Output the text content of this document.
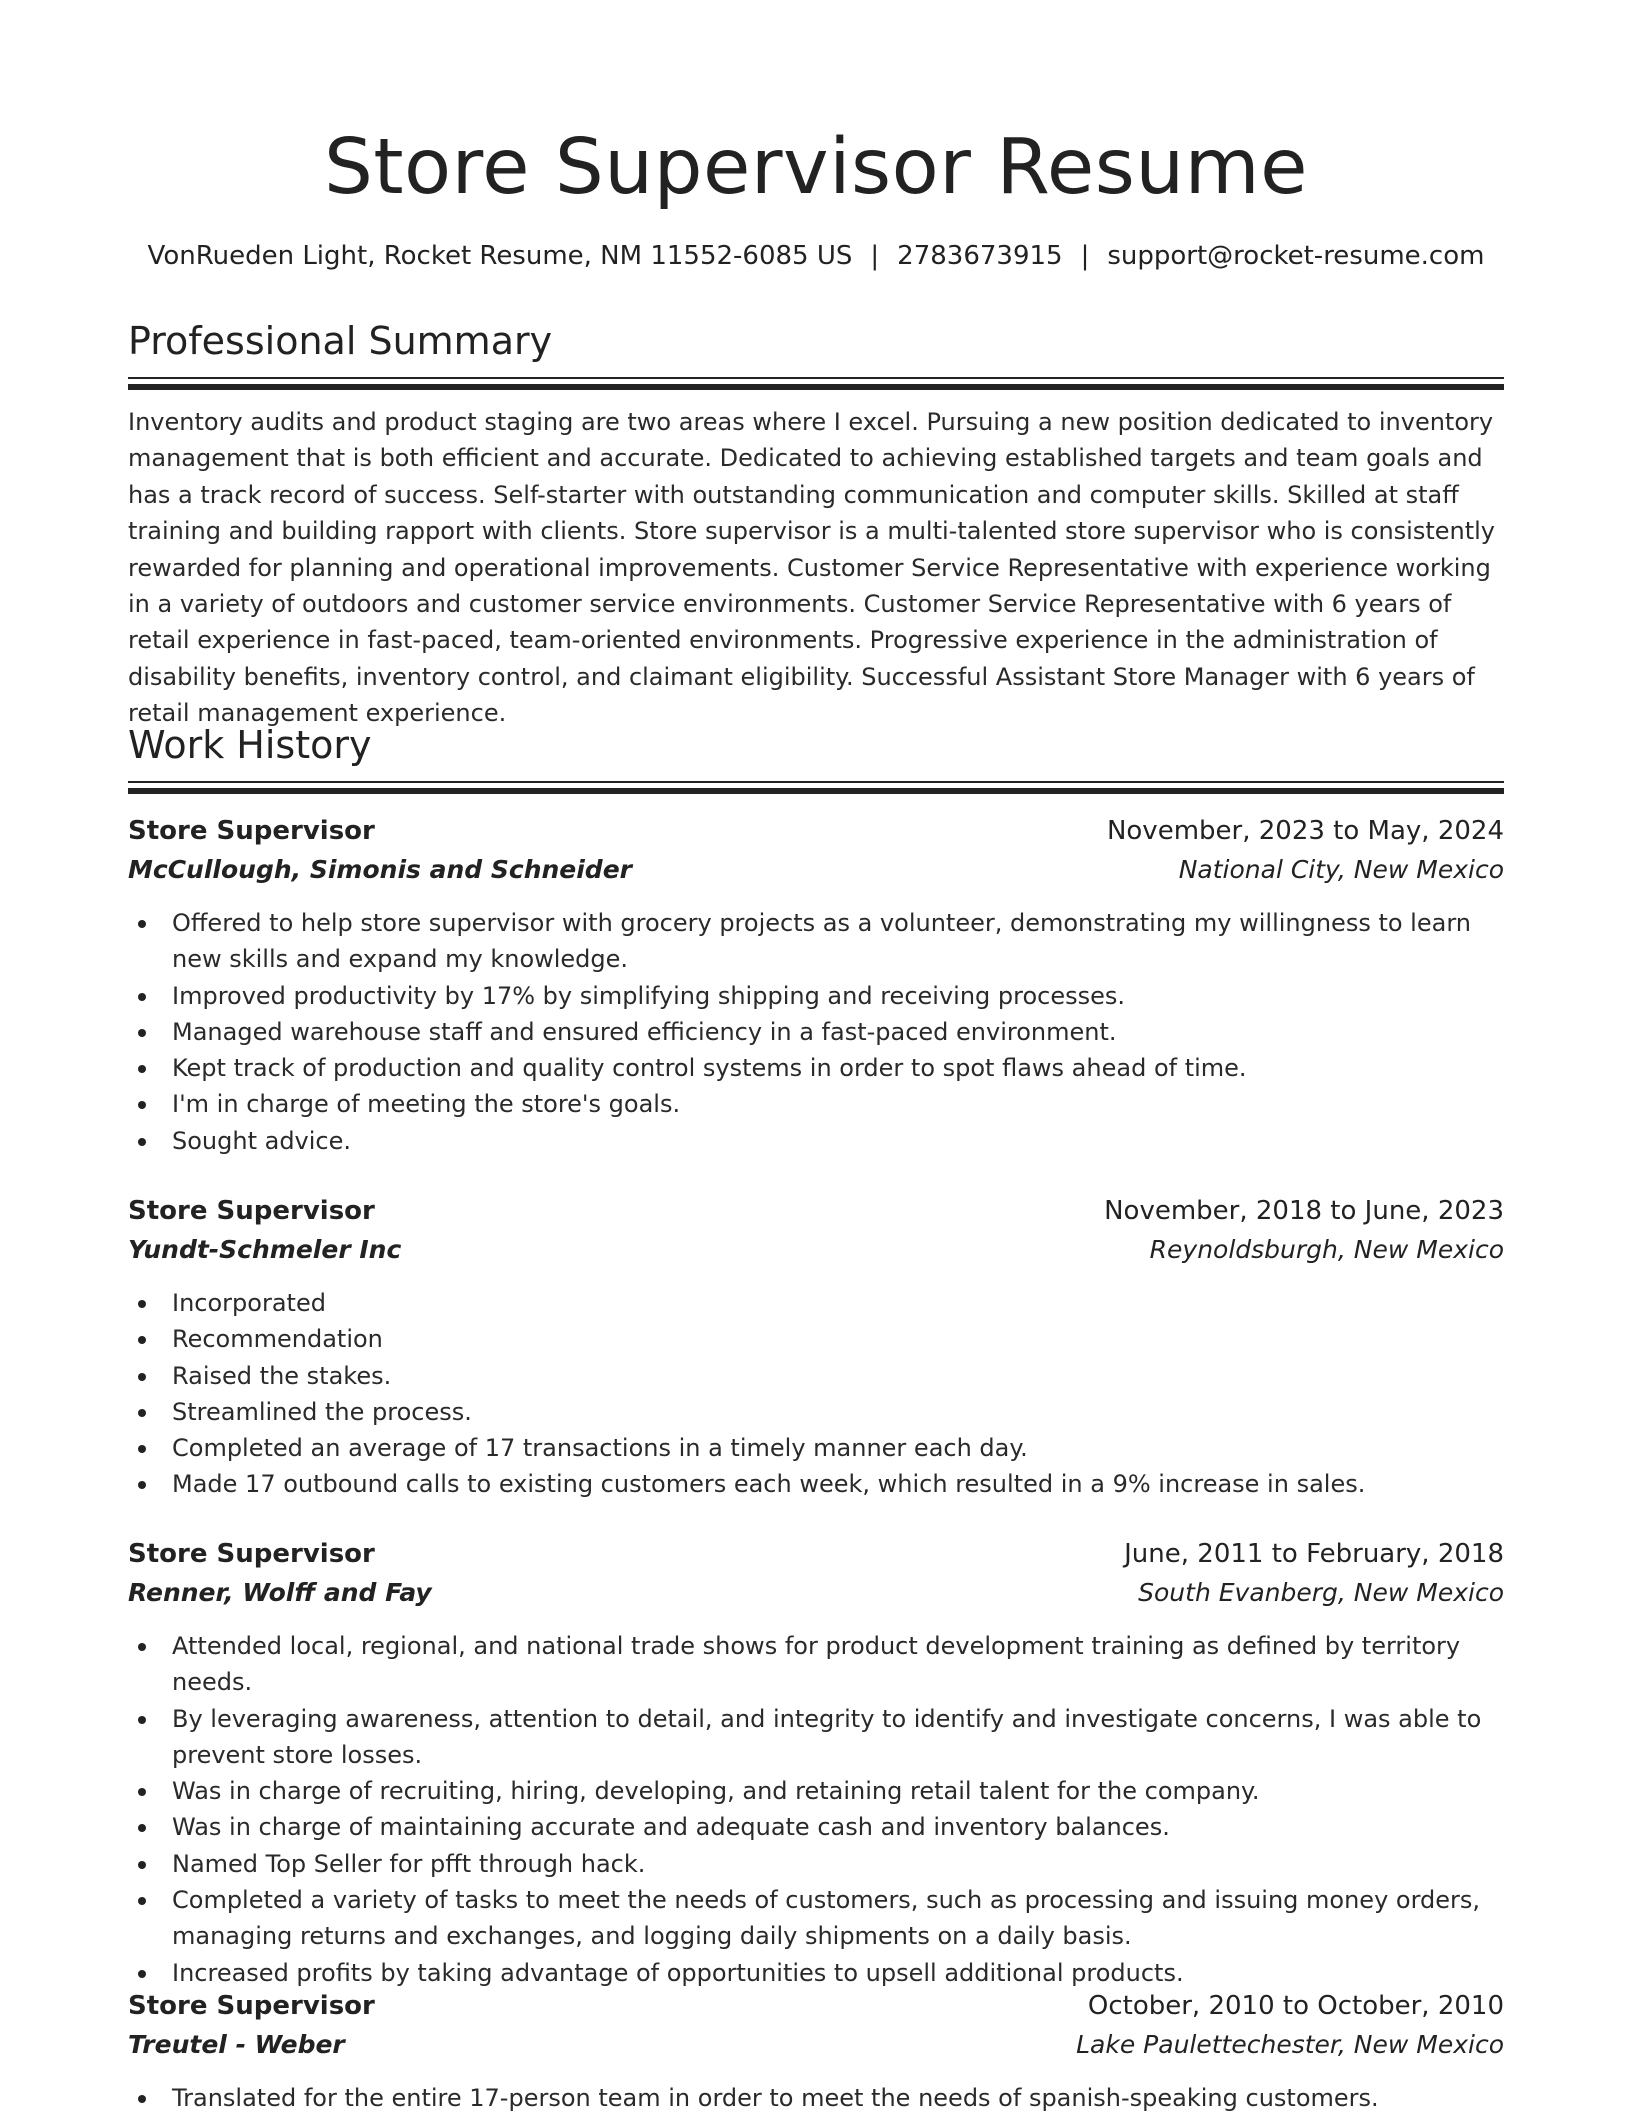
Store Supervisor Resume
VonRueden Light, Rocket Resume, NM 11552-6085 US | 2783673915 | support@rocket-resume.com
Professional Summary

Inventory audits and product staging are two areas where I excel. Pursuing a new position dedicated to inventory management that is both efficient and accurate. Dedicated to achieving established targets and team goals and has a track record of success. Self-starter with outstanding communication and computer skills. Skilled at staff training and building rapport with clients. Store supervisor is a multi-talented store supervisor who is consistently rewarded for planning and operational improvements. Customer Service Representative with experience working in a variety of outdoors and customer service environments. Customer Service Representative with 6 years of retail experience in fast-paced, team-oriented environments. Progressive experience in the administration of disability benefits, inventory control, and claimant eligibility. Successful Assistant Store Manager with 6 years of retail management experience.

Work History
Store Supervisor	November, 2023 to May, 2024
McCullough, Simonis and Schneider	National City, New Mexico
Offered to help store supervisor with grocery projects as a volunteer, demonstrating my willingness to learn new skills and expand my knowledge.
Improved productivity by 17% by simplifying shipping and receiving processes.
Managed warehouse staff and ensured efficiency in a fast-paced environment.
Kept track of production and quality control systems in order to spot flaws ahead of time.
I'm in charge of meeting the store's goals.
Sought advice.
Store Supervisor	November, 2018 to June, 2023
Yundt-Schmeler Inc	Reynoldsburgh, New Mexico
Incorporated
Recommendation
Raised the stakes.
Streamlined the process.
Completed an average of 17 transactions in a timely manner each day.
Made 17 outbound calls to existing customers each week, which resulted in a 9% increase in sales.
Store Supervisor	June, 2011 to February, 2018
Renner, Wolff and Fay	South Evanberg, New Mexico
Attended local, regional, and national trade shows for product development training as defined by territory needs.
By leveraging awareness, attention to detail, and integrity to identify and investigate concerns, I was able to prevent store losses.
Was in charge of recruiting, hiring, developing, and retaining retail talent for the company.
Was in charge of maintaining accurate and adequate cash and inventory balances.
Named Top Seller for pfft through hack.
Completed a variety of tasks to meet the needs of customers, such as processing and issuing money orders, managing returns and exchanges, and logging daily shipments on a daily basis.
Increased profits by taking advantage of opportunities to upsell additional products.
Store Supervisor	October, 2010 to October, 2010
Treutel - Weber	Lake Paulettechester, New Mexico
Translated for the entire 17-person team in order to meet the needs of spanish-speaking customers.
